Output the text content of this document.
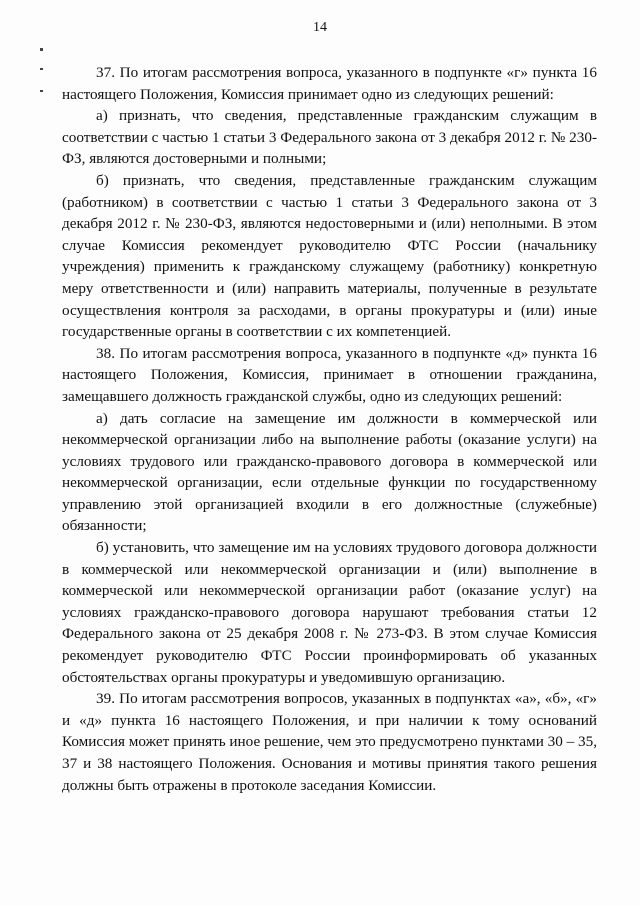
14

37. По итогам рассмотрения вопроса, указанного в подпункте «г» пункта 16 настоящего Положения, Комиссия принимает одно из следующих решений:

а) признать, что сведения, представленные гражданским служащим в соответствии с частью 1 статьи 3 Федерального закона от 3 декабря 2012 г. № 230-ФЗ, являются достоверными и полными;

б) признать, что сведения, представленные гражданским служащим (работником) в соответствии с частью 1 статьи 3 Федерального закона от 3 декабря 2012 г. № 230-ФЗ, являются недостоверными и (или) неполными. В этом случае Комиссия рекомендует руководителю ФТС России (начальнику учреждения) применить к гражданскому служащему (работнику) конкретную меру ответственности и (или) направить материалы, полученные в результате осуществления контроля за расходами, в органы прокуратуры и (или) иные государственные органы в соответствии с их компетенцией.

38. По итогам рассмотрения вопроса, указанного в подпункте «д» пункта 16 настоящего Положения, Комиссия, принимает в отношении гражданина, замещавшего должность гражданской службы, одно из следующих решений:

а) дать согласие на замещение им должности в коммерческой или некоммерческой организации либо на выполнение работы (оказание услуги) на условиях трудового или гражданско-правового договора в коммерческой или некоммерческой организации, если отдельные функции по государственному управлению этой организацией входили в его должностные (служебные) обязанности;

б) установить, что замещение им на условиях трудового договора должности в коммерческой или некоммерческой организации и (или) выполнение в коммерческой или некоммерческой организации работ (оказание услуг) на условиях гражданско-правового договора нарушают требования статьи 12 Федерального закона от 25 декабря 2008 г. № 273-ФЗ. В этом случае Комиссия рекомендует руководителю ФТС России проинформировать об указанных обстоятельствах органы прокуратуры и уведомившую организацию.

39. По итогам рассмотрения вопросов, указанных в подпунктах «а», «б», «г» и «д» пункта 16 настоящего Положения, и при наличии к тому оснований Комиссия может принять иное решение, чем это предусмотрено пунктами 30 – 35, 37 и 38 настоящего Положения. Основания и мотивы принятия такого решения должны быть отражены в протоколе заседания Комиссии.
